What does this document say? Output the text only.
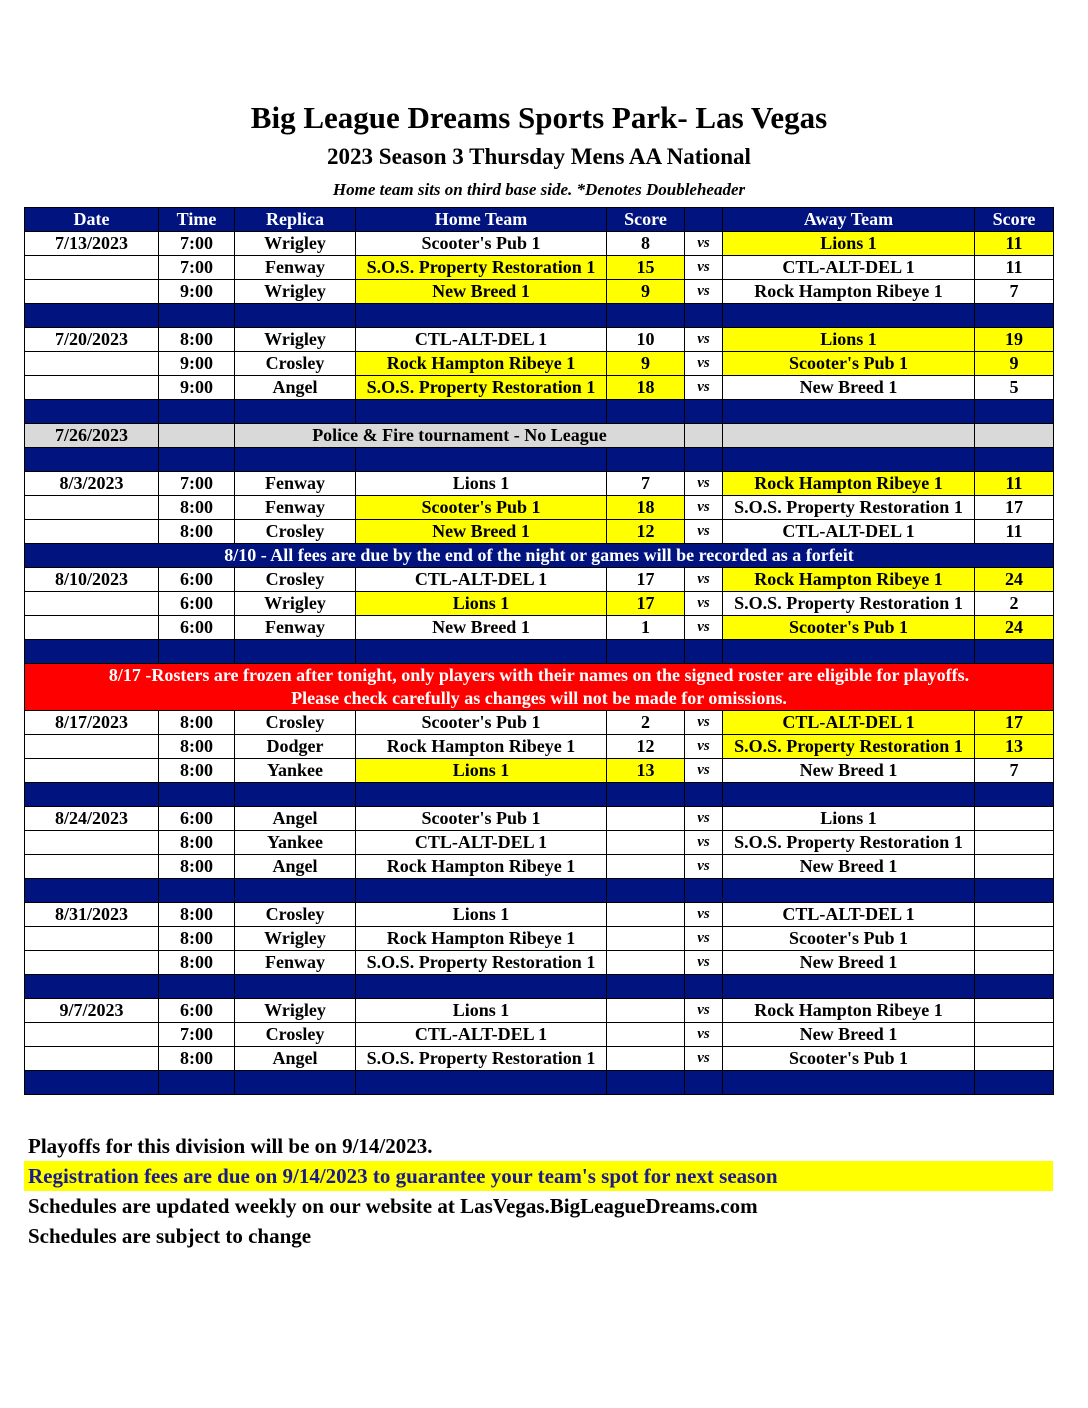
Big League Dreams Sports Park- Las Vegas
2023 Season 3 Thursday Mens AA National
Home team sits on third base side. *Denotes Doubleheader
Date	Time	Replica	Home Team	Score		Away Team	Score
7/13/2023	7:00	Wrigley	Scooter's Pub 1	8	vs	Lions 1	11
	7:00	Fenway	S.O.S. Property Restoration 1	15	vs	CTL-ALT-DEL 1	11
	9:00	Wrigley	New Breed 1	9	vs	Rock Hampton Ribeye 1	7

7/20/2023	8:00	Wrigley	CTL-ALT-DEL 1	10	vs	Lions 1	19
	9:00	Crosley	Rock Hampton Ribeye 1	9	vs	Scooter's Pub 1	9
	9:00	Angel	S.O.S. Property Restoration 1	18	vs	New Breed 1	5

7/26/2023		Police & Fire tournament - No League					

8/3/2023	7:00	Fenway	Lions 1	7	vs	Rock Hampton Ribeye 1	11
	8:00	Fenway	Scooter's Pub 1	18	vs	S.O.S. Property Restoration 1	17
	8:00	Crosley	New Breed 1	12	vs	CTL-ALT-DEL 1	11
8/10 - All fees are due by the end of the night or games will be recorded as a forfeit							
8/10/2023	6:00	Crosley	CTL-ALT-DEL 1	17	vs	Rock Hampton Ribeye 1	24
	6:00	Wrigley	Lions 1	17	vs	S.O.S. Property Restoration 1	2
	6:00	Fenway	New Breed 1	1	vs	Scooter's Pub 1	24

8/17 -Rosters are frozen after tonight, only players with their names on the signed roster are eligible for playoffs.
Please check carefully as changes will not be made for omissions.							

8/17/2023	8:00	Crosley	Scooter's Pub 1	2	vs	CTL-ALT-DEL 1	17
	8:00	Dodger	Rock Hampton Ribeye 1	12	vs	S.O.S. Property Restoration 1	13
	8:00	Yankee	Lions 1	13	vs	New Breed 1	7

8/24/2023	6:00	Angel	Scooter's Pub 1		vs	Lions 1	
	8:00	Yankee	CTL-ALT-DEL 1		vs	S.O.S. Property Restoration 1	
	8:00	Angel	Rock Hampton Ribeye 1		vs	New Breed 1	

8/31/2023	8:00	Crosley	Lions 1		vs	CTL-ALT-DEL 1	
	8:00	Wrigley	Rock Hampton Ribeye 1		vs	Scooter's Pub 1	
	8:00	Fenway	S.O.S. Property Restoration 1		vs	New Breed 1	

9/7/2023	6:00	Wrigley	Lions 1		vs	Rock Hampton Ribeye 1	
	7:00	Crosley	CTL-ALT-DEL 1		vs	New Breed 1	
	8:00	Angel	S.O.S. Property Restoration 1		vs	Scooter's Pub 1	

Playoffs for this division will be on 9/14/2023.
Registration fees are due on 9/14/2023 to guarantee your team's spot for next season
Schedules are updated weekly on our website at LasVegas.BigLeagueDreams.com
Schedules are subject to change
